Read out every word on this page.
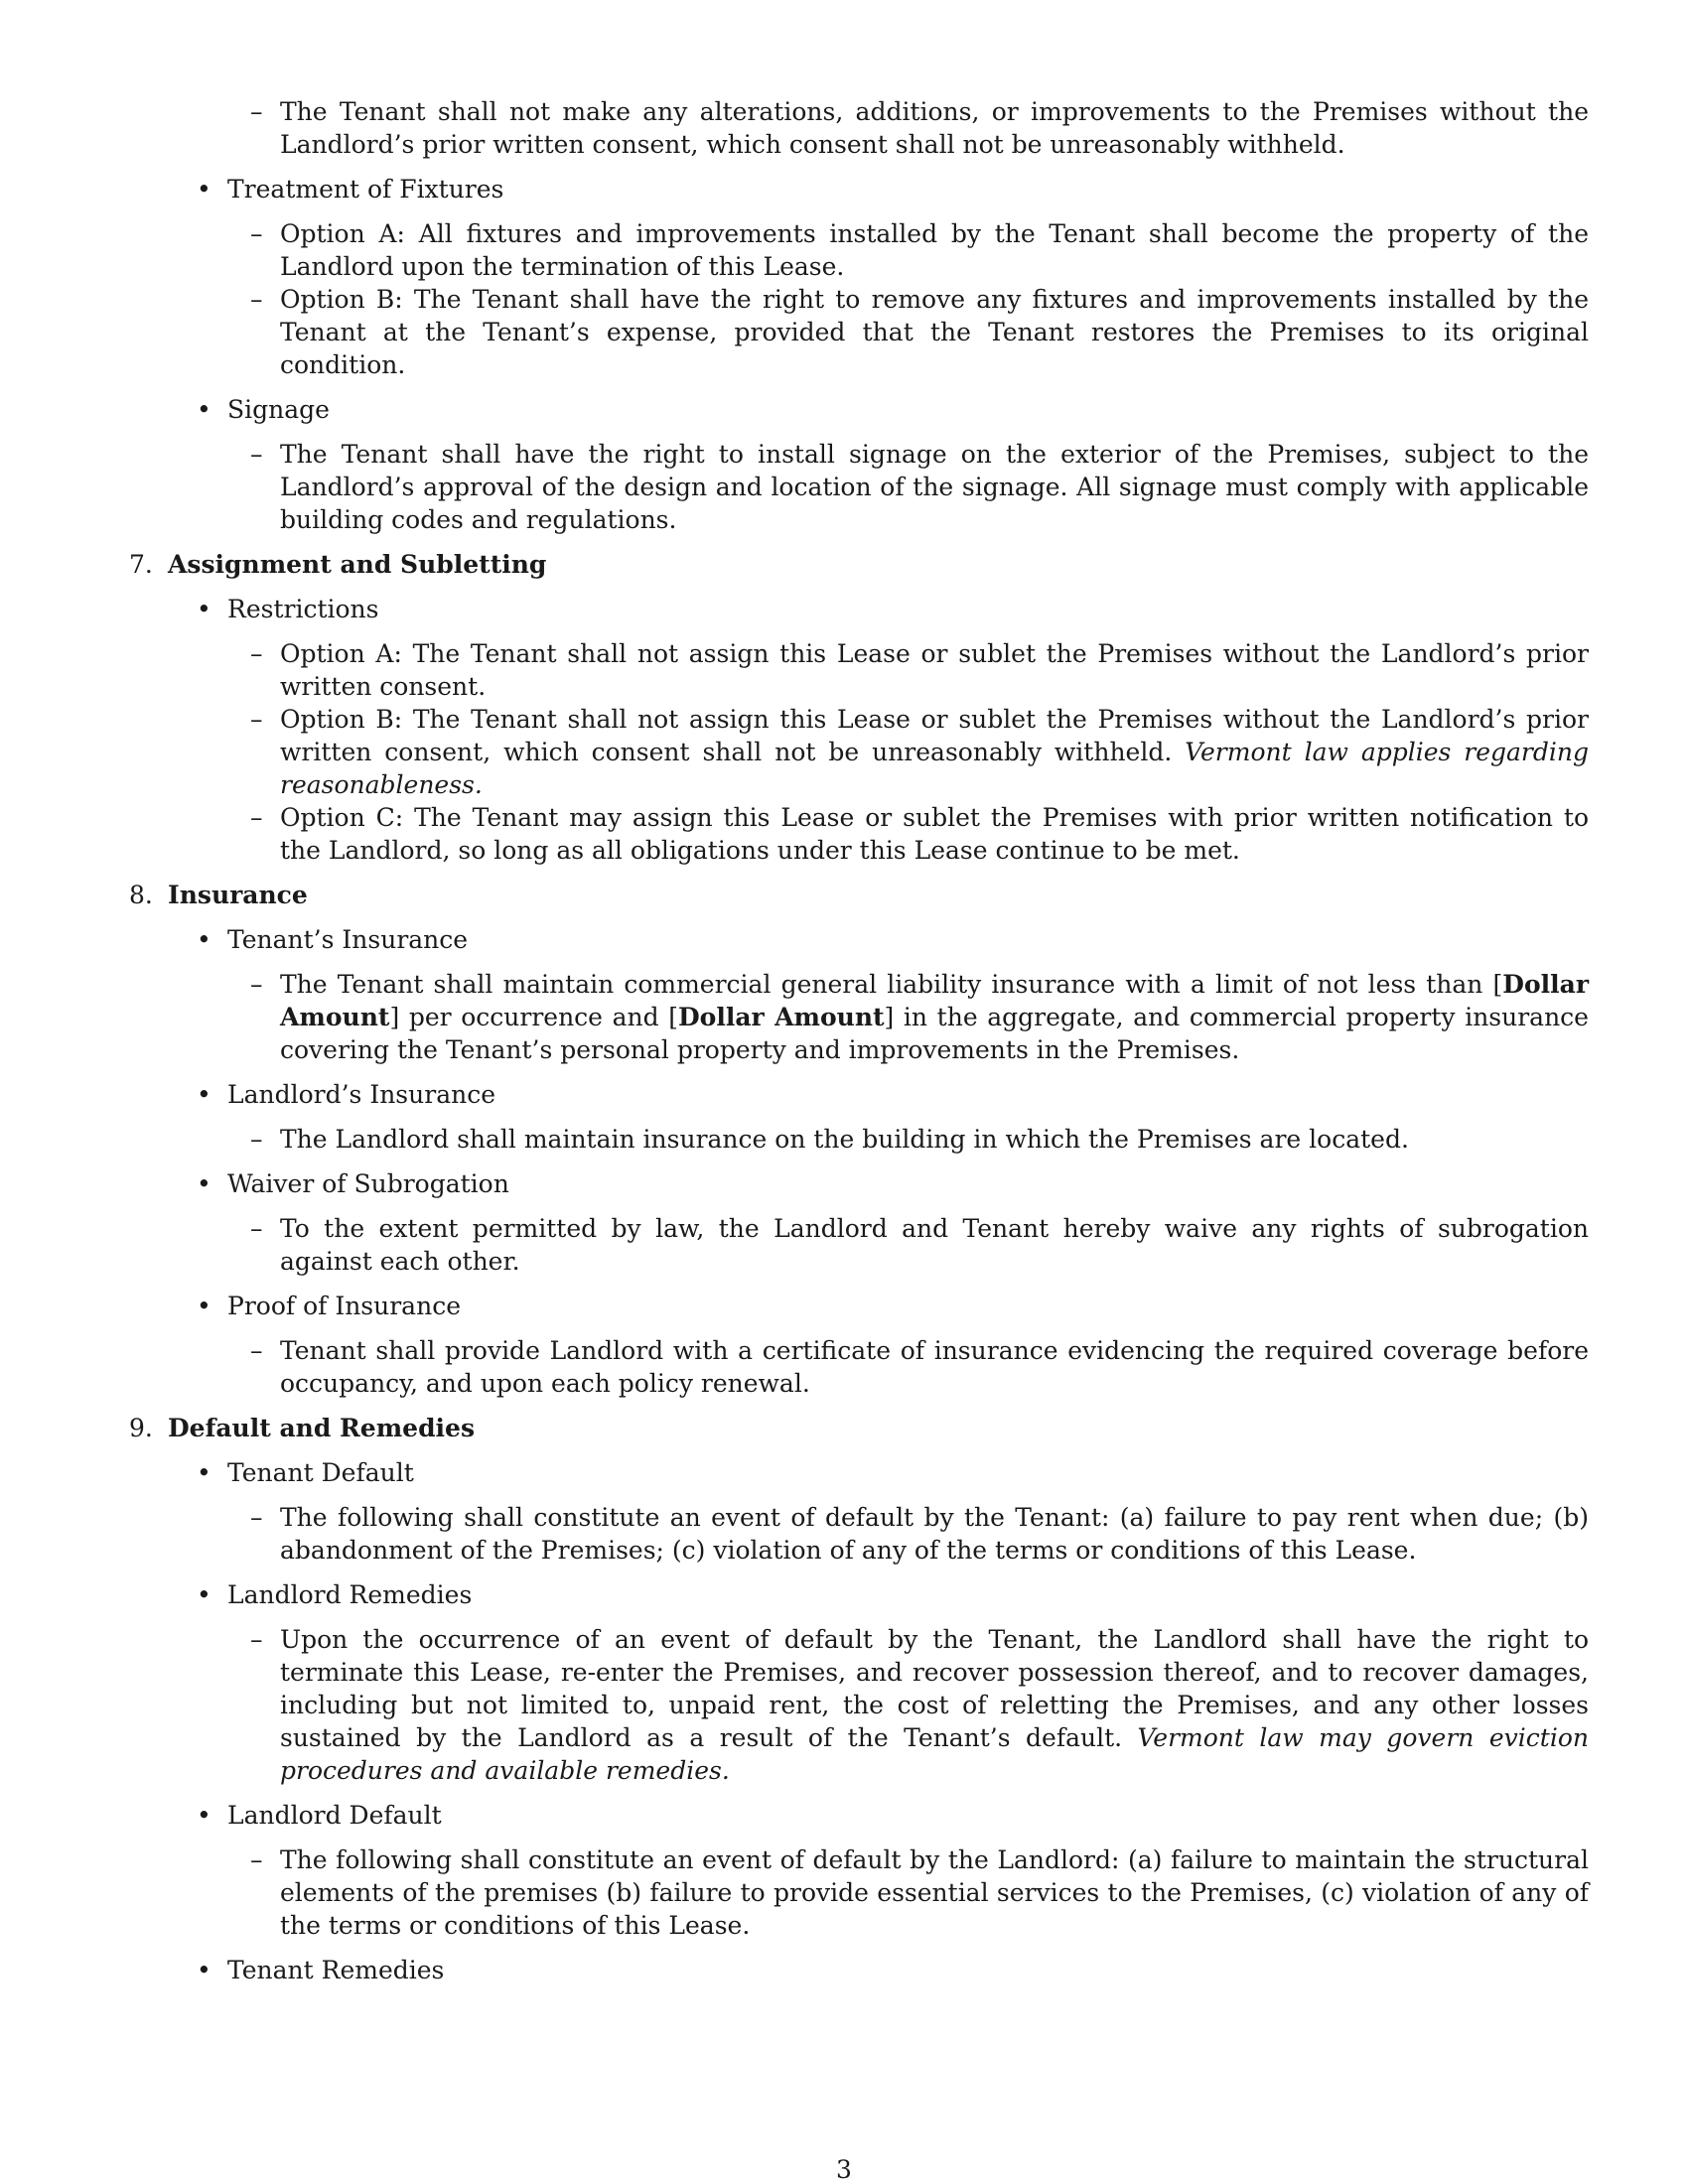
– The Tenant shall not make any alterations, additions, or improvements to the Premises without the Landlord’s prior written consent, which consent shall not be unreasonably withheld.
• Treatment of Fixtures
– Option A: All fixtures and improvements installed by the Tenant shall become the property of the Landlord upon the termination of this Lease.
– Option B: The Tenant shall have the right to remove any fixtures and improvements installed by the Tenant at the Tenant’s expense, provided that the Tenant restores the Premises to its original condition.
• Signage
– The Tenant shall have the right to install signage on the exterior of the Premises, subject to the Landlord’s approval of the design and location of the signage. All signage must comply with applicable building codes and regulations.
7. Assignment and Subletting
• Restrictions
– Option A: The Tenant shall not assign this Lease or sublet the Premises without the Landlord’s prior written consent.
– Option B: The Tenant shall not assign this Lease or sublet the Premises without the Landlord’s prior written consent, which consent shall not be unreasonably withheld. Vermont law applies regarding reasonableness.
– Option C: The Tenant may assign this Lease or sublet the Premises with prior written notification to the Landlord, so long as all obligations under this Lease continue to be met.
8. Insurance
• Tenant’s Insurance
– The Tenant shall maintain commercial general liability insurance with a limit of not less than [Dollar Amount] per occurrence and [Dollar Amount] in the aggregate, and commercial property insurance covering the Tenant’s personal property and improvements in the Premises.
• Landlord’s Insurance
– The Landlord shall maintain insurance on the building in which the Premises are located.
• Waiver of Subrogation
– To the extent permitted by law, the Landlord and Tenant hereby waive any rights of subrogation against each other.
• Proof of Insurance
– Tenant shall provide Landlord with a certificate of insurance evidencing the required coverage before occupancy, and upon each policy renewal.
9. Default and Remedies
• Tenant Default
– The following shall constitute an event of default by the Tenant: (a) failure to pay rent when due; (b) abandonment of the Premises; (c) violation of any of the terms or conditions of this Lease.
• Landlord Remedies
– Upon the occurrence of an event of default by the Tenant, the Landlord shall have the right to terminate this Lease, re-enter the Premises, and recover possession thereof, and to recover damages, including but not limited to, unpaid rent, the cost of reletting the Premises, and any other losses sustained by the Landlord as a result of the Tenant’s default. Vermont law may govern eviction procedures and available remedies.
• Landlord Default
– The following shall constitute an event of default by the Landlord: (a) failure to maintain the structural elements of the premises (b) failure to provide essential services to the Premises, (c) violation of any of the terms or conditions of this Lease.
• Tenant Remedies
3
